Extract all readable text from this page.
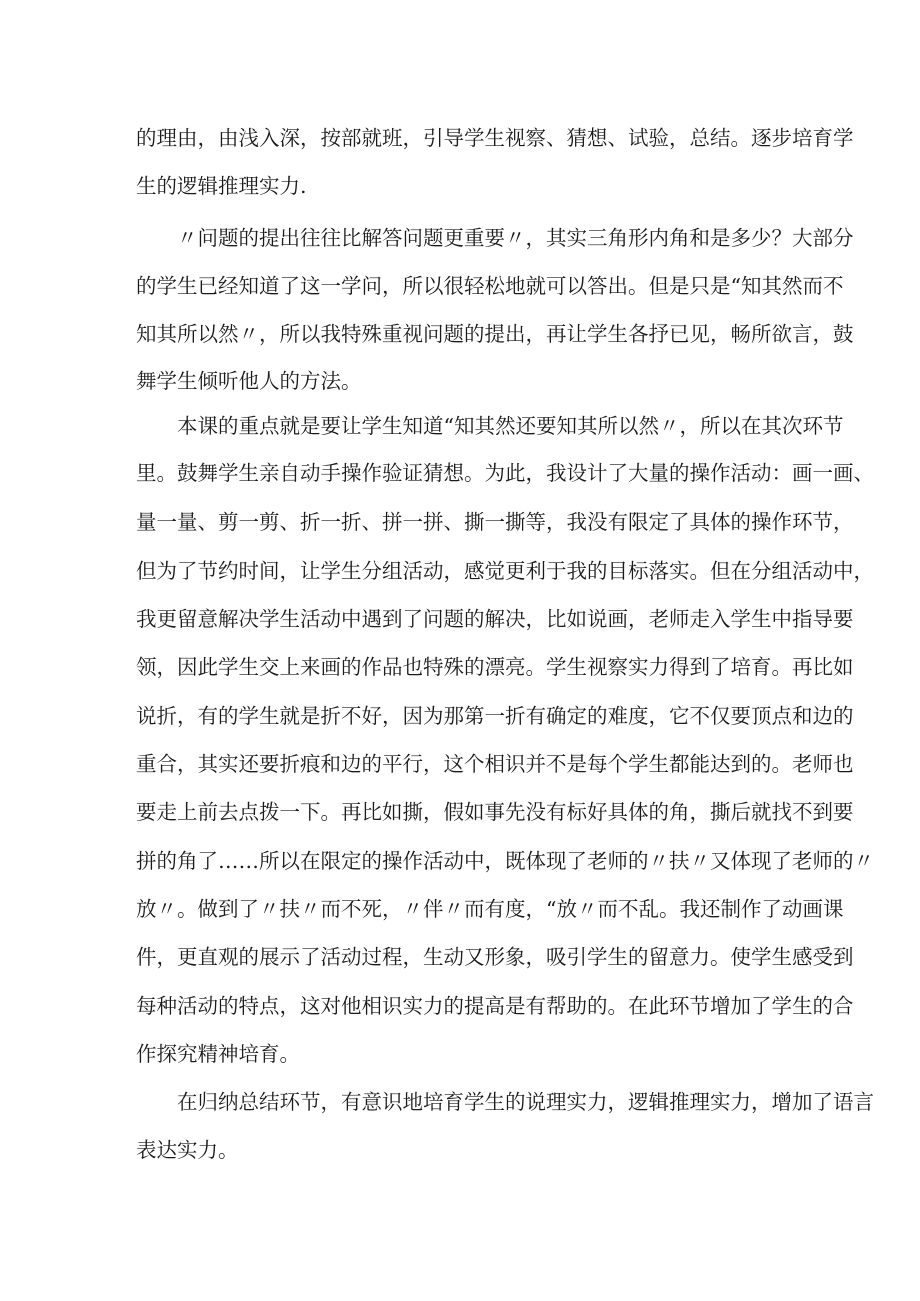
的理由，由浅入深，按部就班，引导学生视察、猜想、试验，总结。逐步培育学
生的逻辑推理实力.
〃问题的提出往往比解答问题更重要〃，其实三角形内角和是多少？大部分
的学生已经知道了这一学问，所以很轻松地就可以答出。但是只是“知其然而不
知其所以然〃，所以我特殊重视问题的提出，再让学生各抒已见，畅所欲言，鼓
舞学生倾听他人的方法。
本课的重点就是要让学生知道“知其然还要知其所以然〃，所以在其次环节
里。鼓舞学生亲自动手操作验证猜想。为此，我设计了大量的操作活动：画一画、
量一量、剪一剪、折一折、拼一拼、撕一撕等，我没有限定了具体的操作环节，
但为了节约时间，让学生分组活动，感觉更利于我的目标落实。但在分组活动中，
我更留意解决学生活动中遇到了问题的解决，比如说画，老师走入学生中指导要
领，因此学生交上来画的作品也特殊的漂亮。学生视察实力得到了培育。再比如
说折，有的学生就是折不好，因为那第一折有确定的难度，它不仅要顶点和边的
重合，其实还要折痕和边的平行，这个相识并不是每个学生都能达到的。老师也
要走上前去点拨一下。再比如撕，假如事先没有标好具体的角，撕后就找不到要
拼的角了……所以在限定的操作活动中，既体现了老师的〃扶〃又体现了老师的〃
放〃。做到了〃扶〃而不死，〃伴〃而有度，“放〃而不乱。我还制作了动画课
件，更直观的展示了活动过程，生动又形象，吸引学生的留意力。使学生感受到
每种活动的特点，这对他相识实力的提高是有帮助的。在此环节增加了学生的合
作探究精神培育。
在归纳总结环节，有意识地培育学生的说理实力，逻辑推理实力，增加了语言
表达实力。
